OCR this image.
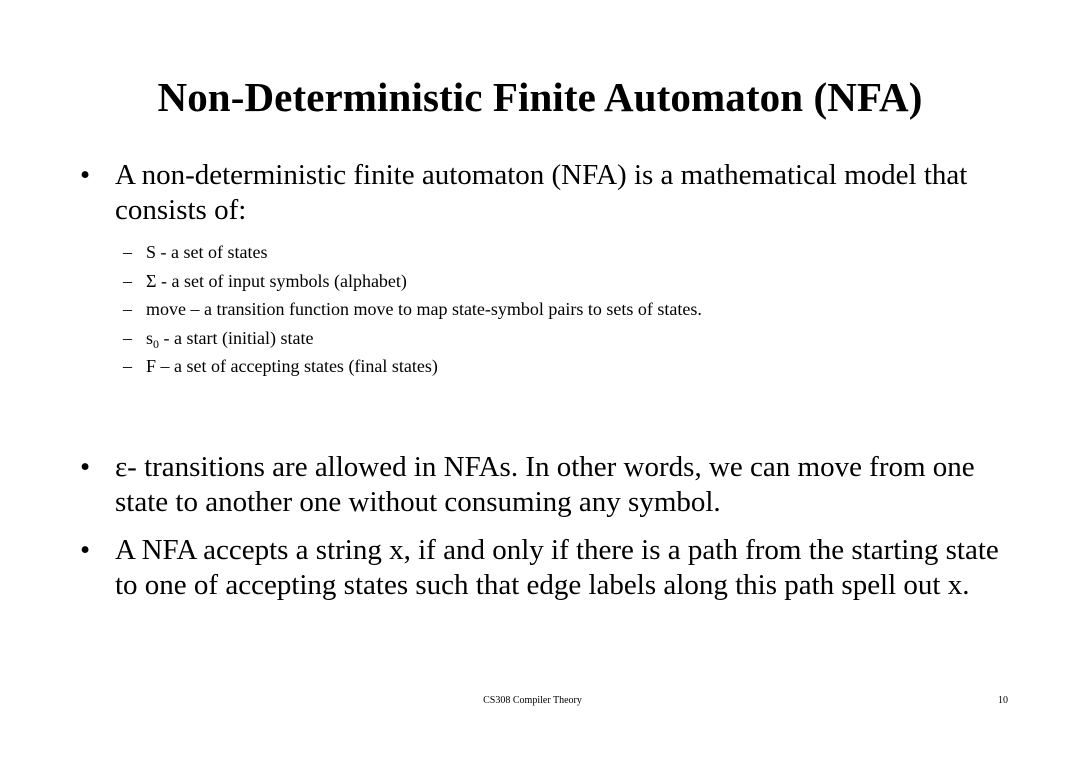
Non-Deterministic Finite Automaton (NFA)
• A non-deterministic finite automaton (NFA) is a mathematical model that consists of:
– S - a set of states
– Σ - a set of input symbols (alphabet)
– move – a transition function move to map state-symbol pairs to sets of states.
– $s_0$ - a start (initial) state
– F – a set of accepting states (final states)
• ε- transitions are allowed in NFAs. In other words, we can move from one state to another one without consuming any symbol.
• A NFA accepts a string x, if and only if there is a path from the starting state to one of accepting states such that edge labels along this path spell out x.
CS308 Compiler Theory	10
